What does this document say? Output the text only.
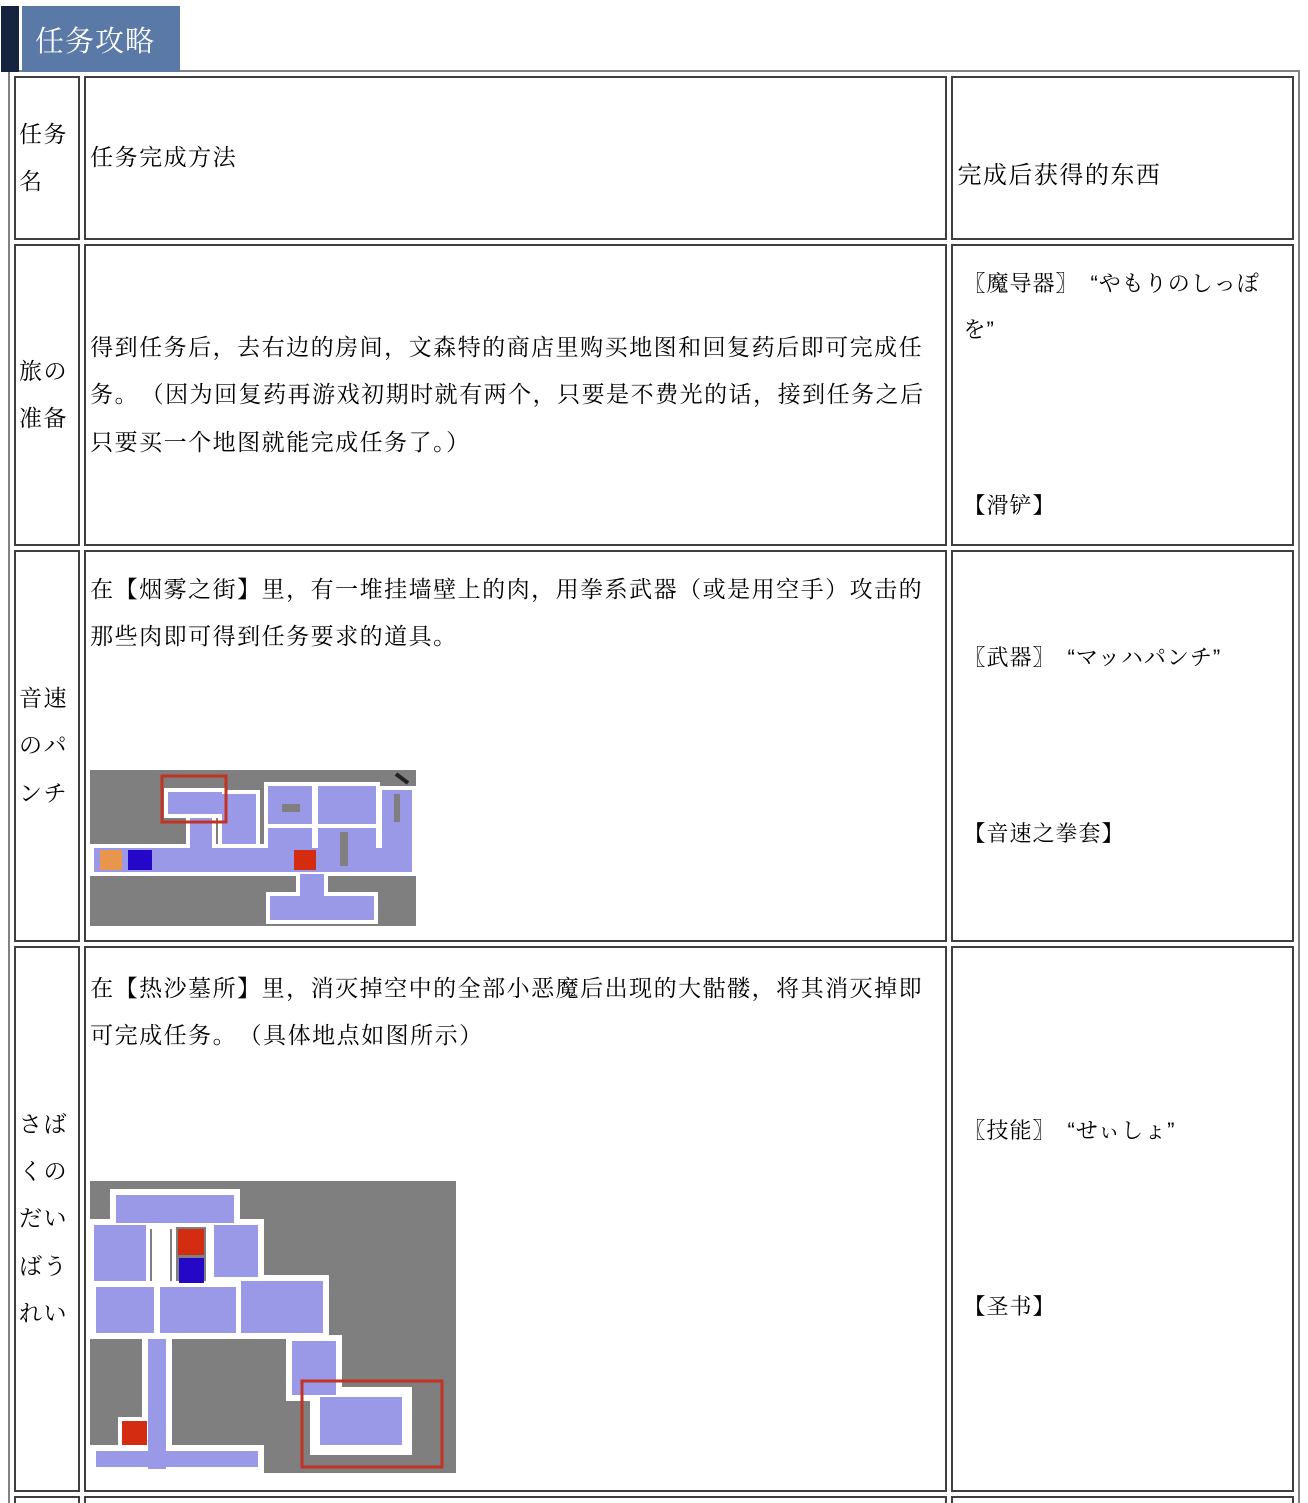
任务攻略
任务名	任务完成方法	完成后获得的东西
旅の准备	得到任务后，去右边的房间，文森特的商店里购买地图和回复药后即可完成任务。　（因为回复药再游戏初期时就有两个，只要是不费光的话，接到任务之后只要买一个地图就能完成任务了。）	〖魔导器〗　“やもりのしっぽを”
【滑铲】

音速のパンチ	在【烟雾之街】里，有一堆挂墙壁上的肉，用拳系武器（或是用空手）攻击的那些肉即可得到任务要求的道具。	〖武器〗　“マッハパンチ”
【音速之拳套】

さばくのだいばうれい	在【热沙墓所】里，消灭掉空中的全部小恶魔后出现的大骷髅，将其消灭掉即可完成任务。　（具体地点如图所示）	〖技能〗　“せぃしょ”
【圣书】
